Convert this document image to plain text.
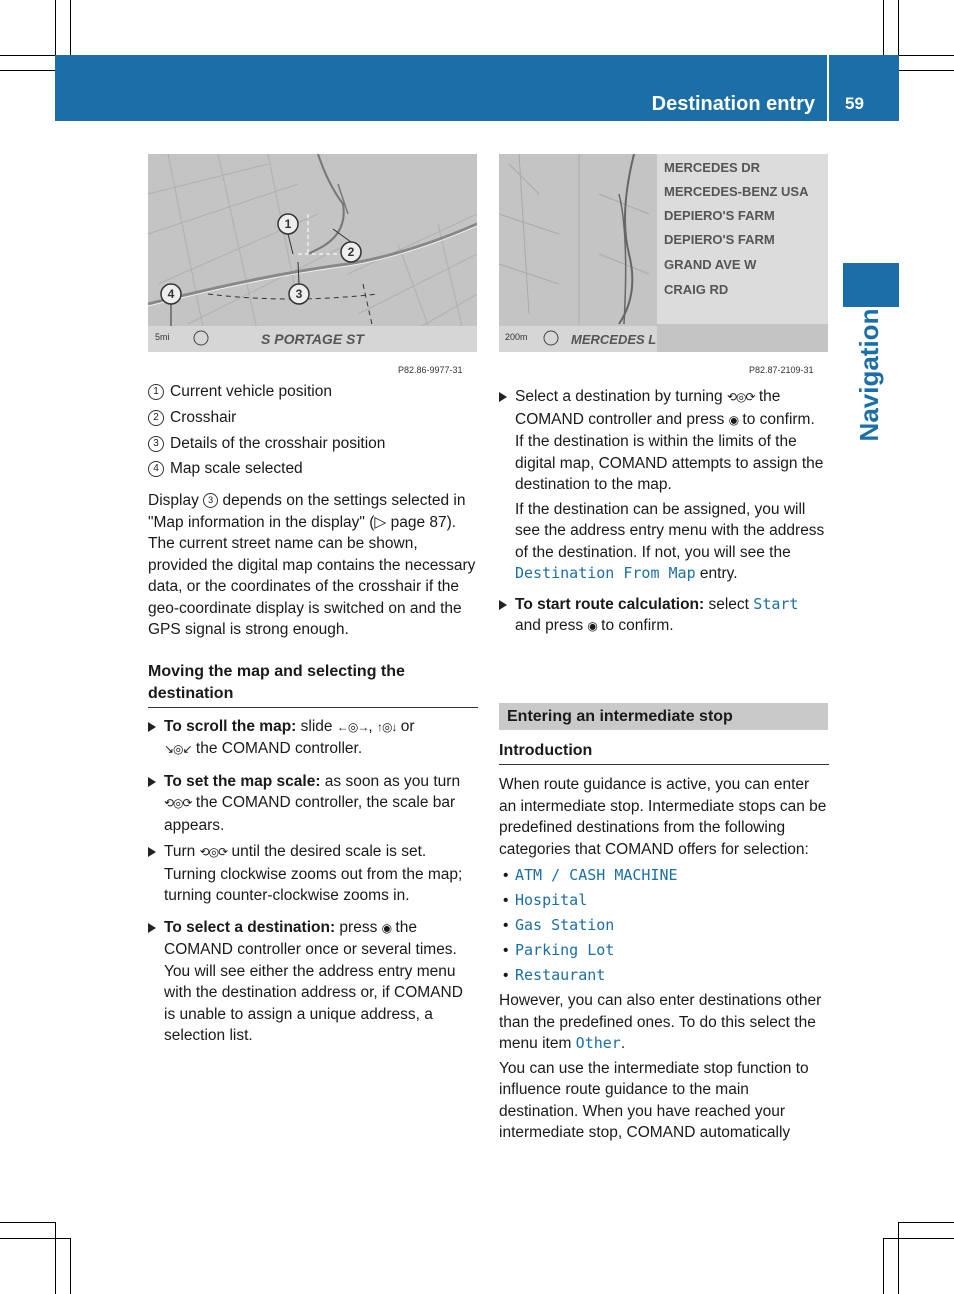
Destination entry 59
Navigation
5mi	S PORTAGE ST
1
2
3
4
P82.86-9977-31
MERCEDES DR
MERCEDES-BENZ USA
DEPIERO'S FARM
DEPIERO'S FARM
GRAND AVE W
CRAIG RD
MERCEDES L
200m
P82.87-2109-31
1 Current vehicle position
2 Crosshair
3 Details of the crosshair position
4 Map scale selected

Display 3 depends on the settings selected in "Map information in the display" (▷ page 87). The current street name can be shown, provided the digital map contains the necessary data, or the coordinates of the crosshair if the geo-coordinate display is switched on and the GPS signal is strong enough.

Moving the map and selecting the destination
To scroll the map: slide ←◎→, ↑◎↓ or
↘◎↙ the COMAND controller.
To set the map scale: as soon as you turn ⟲◎⟳ the COMAND controller, the scale bar appears.
Turn ⟲◎⟳ until the desired scale is set.
Turning clockwise zooms out from the map; turning counter-clockwise zooms in.
To select a destination: press ◉ the COMAND controller once or several times.
You will see either the address entry menu with the destination address or, if COMAND is unable to assign a unique address, a selection list.
Select a destination by turning ⟲◎⟳ the COMAND controller and press ◉ to confirm.
If the destination is within the limits of the digital map, COMAND attempts to assign the destination to the map.
If the destination can be assigned, you will see the address entry menu with the address of the destination. If not, you will see the Destination From Map entry.
To start route calculation: select Start
and press ◉ to confirm.
Entering an intermediate stop
Introduction

When route guidance is active, you can enter an intermediate stop. Intermediate stops can be predefined destinations from the following categories that COMAND offers for selection:

• ATM / CASH MACHINE
• Hospital
• Gas Station
• Parking Lot
• Restaurant

However, you can also enter destinations other than the predefined ones. To do this select the menu item Other.

You can use the intermediate stop function to influence route guidance to the main destination. When you have reached your intermediate stop, COMAND automatically
